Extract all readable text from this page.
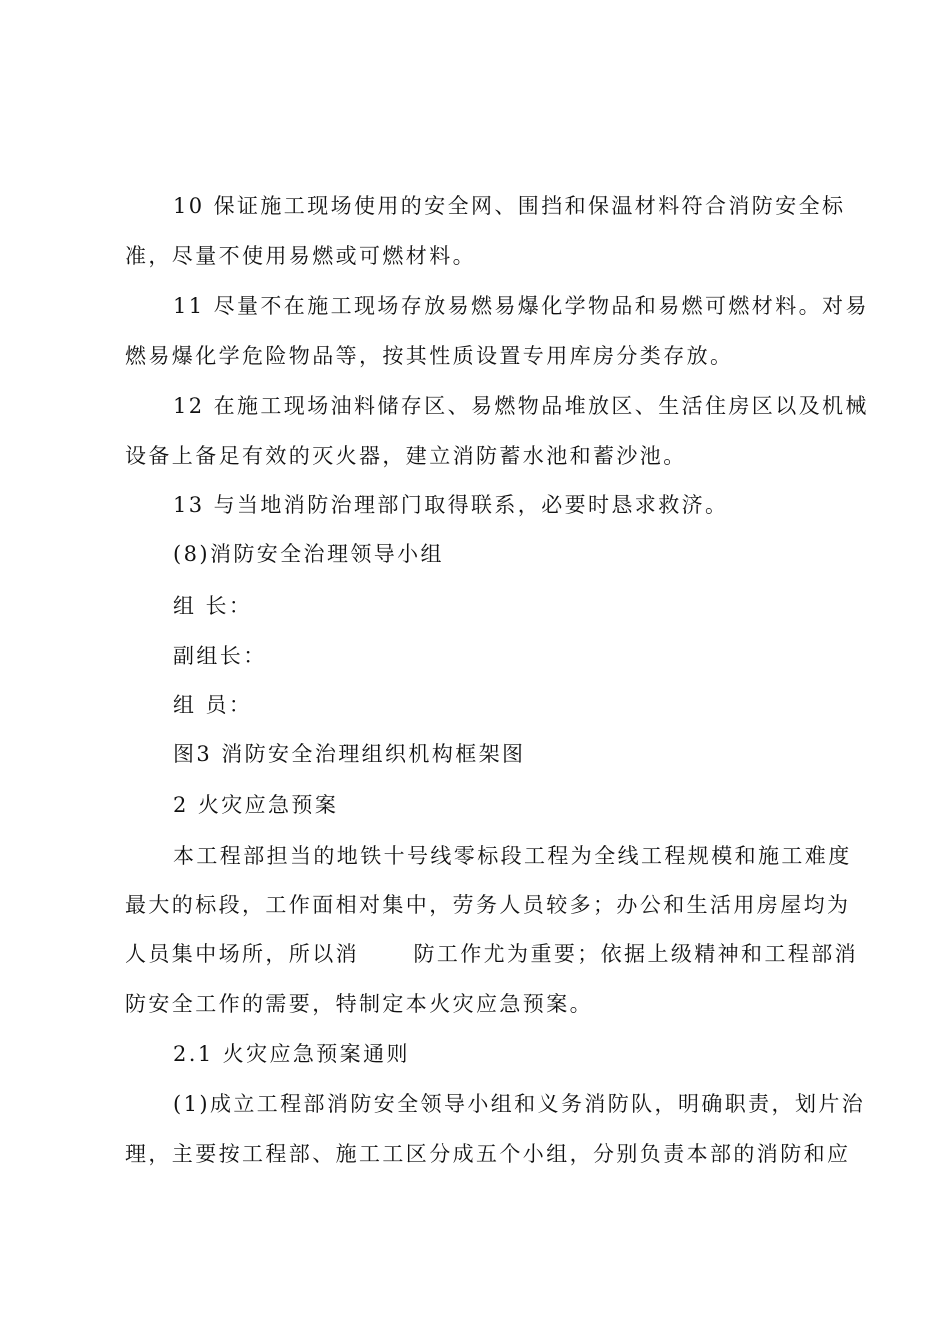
10 保证施工现场使用的安全网、围挡和保温材料符合消防安全标
准，尽量不使用易燃或可燃材料。
11 尽量不在施工现场存放易燃易爆化学物品和易燃可燃材料。对易
燃易爆化学危险物品等，按其性质设置专用库房分类存放。
12 在施工现场油料储存区、易燃物品堆放区、生活住房区以及机械
设备上备足有效的灭火器，建立消防蓄水池和蓄沙池。
13 与当地消防治理部门取得联系，必要时恳求救济。
(8)消防安全治理领导小组
组 长：
副组长：
组 员：
图3 消防安全治理组织机构框架图
2 火灾应急预案
本工程部担当的地铁十号线零标段工程为全线工程规模和施工难度
最大的标段，工作面相对集中，劳务人员较多；办公和生活用房屋均为
人员集中场所，所以消      防工作尤为重要；依据上级精神和工程部消
防安全工作的需要，特制定本火灾应急预案。
2.1 火灾应急预案通则
(1)成立工程部消防安全领导小组和义务消防队，明确职责，划片治
理，主要按工程部、施工工区分成五个小组，分别负责本部的消防和应
